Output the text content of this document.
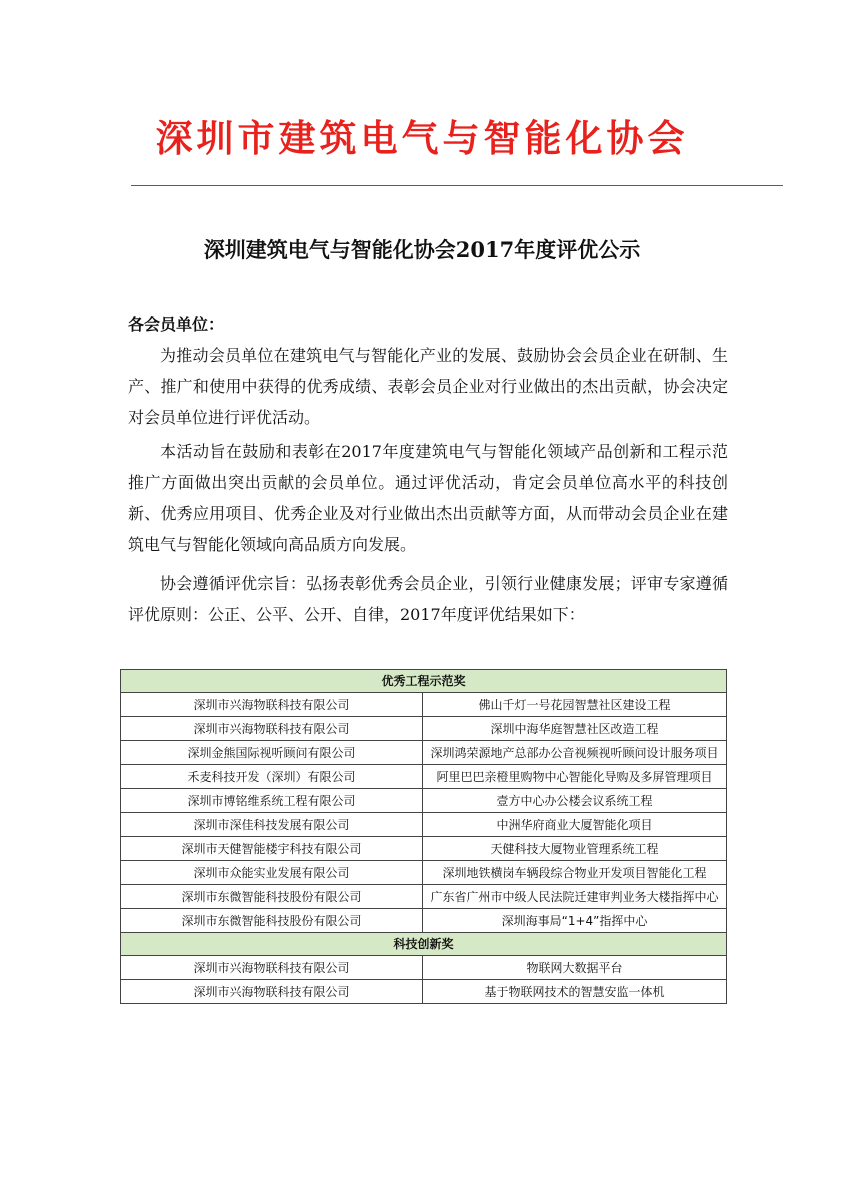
深圳市建筑电气与智能化协会
深圳建筑电气与智能化协会2017年度评优公示
各会员单位：

为推动会员单位在建筑电气与智能化产业的发展、鼓励协会会员企业在研制、生产、推广和使用中获得的优秀成绩、表彰会员企业对行业做出的杰出贡献，协会决定对会员单位进行评优活动。

本活动旨在鼓励和表彰在2017年度建筑电气与智能化领域产品创新和工程示范推广方面做出突出贡献的会员单位。通过评优活动，肯定会员单位高水平的科技创新、优秀应用项目、优秀企业及对行业做出杰出贡献等方面，从而带动会员企业在建筑电气与智能化领域向高品质方向发展。

协会遵循评优宗旨：弘扬表彰优秀会员企业，引领行业健康发展；评审专家遵循评优原则：公正、公平、公开、自律，2017年度评优结果如下：

优秀工程示范奖	
深圳市兴海物联科技有限公司	佛山千灯一号花园智慧社区建设工程
深圳市兴海物联科技有限公司	深圳中海华庭智慧社区改造工程
深圳金熊国际视听顾问有限公司	深圳鸿荣源地产总部办公音视频视听顾问设计服务项目
禾麦科技开发（深圳）有限公司	阿里巴巴亲橙里购物中心智能化导购及多屏管理项目
深圳市博铭维系统工程有限公司	壹方中心办公楼会议系统工程
深圳市深佳科技发展有限公司	中洲华府商业大厦智能化项目
深圳市天健智能楼宇科技有限公司	天健科技大厦物业管理系统工程
深圳市众能实业发展有限公司	深圳地铁横岗车辆段综合物业开发项目智能化工程
深圳市东微智能科技股份有限公司	广东省广州市中级人民法院迁建审判业务大楼指挥中心
深圳市东微智能科技股份有限公司	深圳海事局“1+4”指挥中心
科技创新奖	
深圳市兴海物联科技有限公司	物联网大数据平台
深圳市兴海物联科技有限公司	基于物联网技术的智慧安监一体机
